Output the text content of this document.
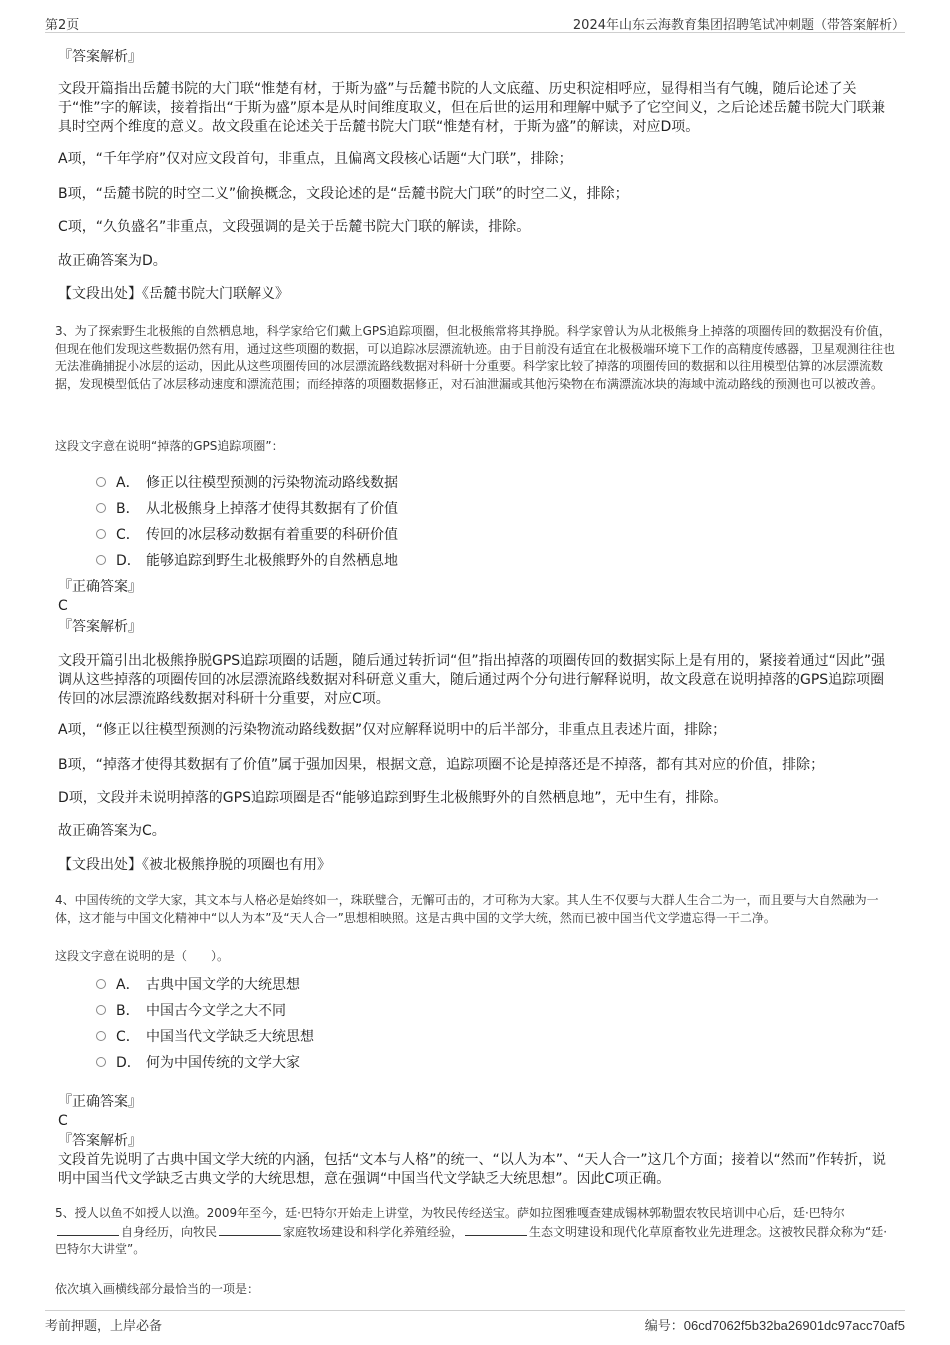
第2页	2024年山东云海教育集团招聘笔试冲刺题（带答案解析）

『答案解析』

文段开篇指出岳麓书院的大门联“惟楚有材，于斯为盛”与岳麓书院的人文底蕴、历史积淀相呼应，显得相当有气魄，随后论述了关于“惟”字的解读，接着指出“于斯为盛”原本是从时间维度取义，但在后世的运用和理解中赋予了它空间义，之后论述岳麓书院大门联兼具时空两个维度的意义。故文段重在论述关于岳麓书院大门联“惟楚有材，于斯为盛”的解读，对应D项。

A项，“千年学府”仅对应文段首句，非重点，且偏离文段核心话题“大门联”，排除；

B项，“岳麓书院的时空二义”偷换概念，文段论述的是“岳麓书院大门联”的时空二义，排除；

C项，“久负盛名”非重点，文段强调的是关于岳麓书院大门联的解读，排除。

故正确答案为D。

【文段出处】《岳麓书院大门联解义》

3、为了探索野生北极熊的自然栖息地，科学家给它们戴上GPS追踪项圈，但北极熊常将其挣脱。科学家曾认为从北极熊身上掉落的项圈传回的数据没有价值，但现在他们发现这些数据仍然有用，通过这些项圈的数据，可以追踪冰层漂流轨迹。由于目前没有适宜在北极极端环境下工作的高精度传感器，卫星观测往往也无法准确捕捉小冰层的运动，因此从这些项圈传回的冰层漂流路线数据对科研十分重要。科学家比较了掉落的项圈传回的数据和以往用模型估算的冰层漂流数据，发现模型低估了冰层移动速度和漂流范围；而经掉落的项圈数据修正，对石油泄漏或其他污染物在布满漂流冰块的海域中流动路线的预测也可以被改善。

这段文字意在说明“掉落的GPS追踪项圈”：

A． 修正以往模型预测的污染物流动路线数据
B． 从北极熊身上掉落才使得其数据有了价值
C． 传回的冰层移动数据有着重要的科研价值
D． 能够追踪到野生北极熊野外的自然栖息地

『正确答案』

C

『答案解析』

文段开篇引出北极熊挣脱GPS追踪项圈的话题，随后通过转折词“但”指出掉落的项圈传回的数据实际上是有用的，紧接着通过“因此”强调从这些掉落的项圈传回的冰层漂流路线数据对科研意义重大，随后通过两个分句进行解释说明，故文段意在说明掉落的GPS追踪项圈传回的冰层漂流路线数据对科研十分重要，对应C项。

A项，“修正以往模型预测的污染物流动路线数据”仅对应解释说明中的后半部分，非重点且表述片面，排除；

B项，“掉落才使得其数据有了价值”属于强加因果，根据文意，追踪项圈不论是掉落还是不掉落，都有其对应的价值，排除；

D项，文段并未说明掉落的GPS追踪项圈是否“能够追踪到野生北极熊野外的自然栖息地”，无中生有，排除。

故正确答案为C。

【文段出处】《被北极熊挣脱的项圈也有用》

4、中国传统的文学大家，其文本与人格必是始终如一，珠联璧合，无懈可击的，才可称为大家。其人生不仅要与大群人生合二为一，而且要与大自然融为一体，这才能与中国文化精神中“以人为本”及“天人合一”思想相映照。这是古典中国的文学大统，然而已被中国当代文学遗忘得一干二净。

这段文字意在说明的是（　　）。

A． 古典中国文学的大统思想
B． 中国古今文学之大不同
C． 中国当代文学缺乏大统思想
D． 何为中国传统的文学大家

『正确答案』

C

『答案解析』

文段首先说明了古典中国文学大统的内涵，包括“文本与人格”的统一、“以人为本”、“天人合一”这几个方面；接着以“然而”作转折，说明中国当代文学缺乏古典文学的大统思想，意在强调“中国当代文学缺乏大统思想”。因此C项正确。

5、授人以鱼不如授人以渔。2009年至今，廷·巴特尔开始走上讲堂，为牧民传经送宝。萨如拉图雅嘎查建成锡林郭勒盟农牧民培训中心后，廷·巴特尔自身经历，向牧民	家庭牧场建设和科学化养殖经验，	生态文明建设和现代化草原畜牧业先进理念。这被牧民群众称为“廷·巴特尔大讲堂”。

依次填入画横线部分最恰当的一项是：

考前押题，上岸必备	编号：06cd7062f5b32ba26901dc97acc70af5
